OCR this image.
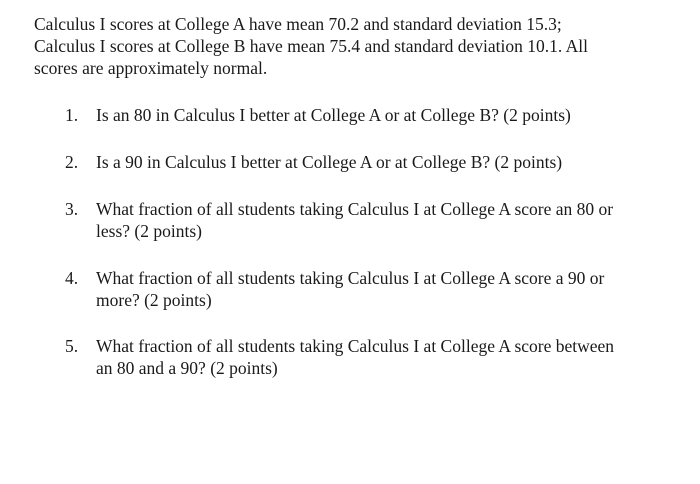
Calculus I scores at College A have mean 70.2 and standard deviation 15.3;
Calculus I scores at College B have mean 75.4 and standard deviation 10.1. All
scores are approximately normal.

1. Is an 80 in Calculus I better at College A or at College B? (2 points)
2. Is a 90 in Calculus I better at College A or at College B? (2 points)
3. What fraction of all students taking Calculus I at College A score an 80 or
less? (2 points)
4. What fraction of all students taking Calculus I at College A score a 90 or
more? (2 points)
5. What fraction of all students taking Calculus I at College A score between
an 80 and a 90? (2 points)
